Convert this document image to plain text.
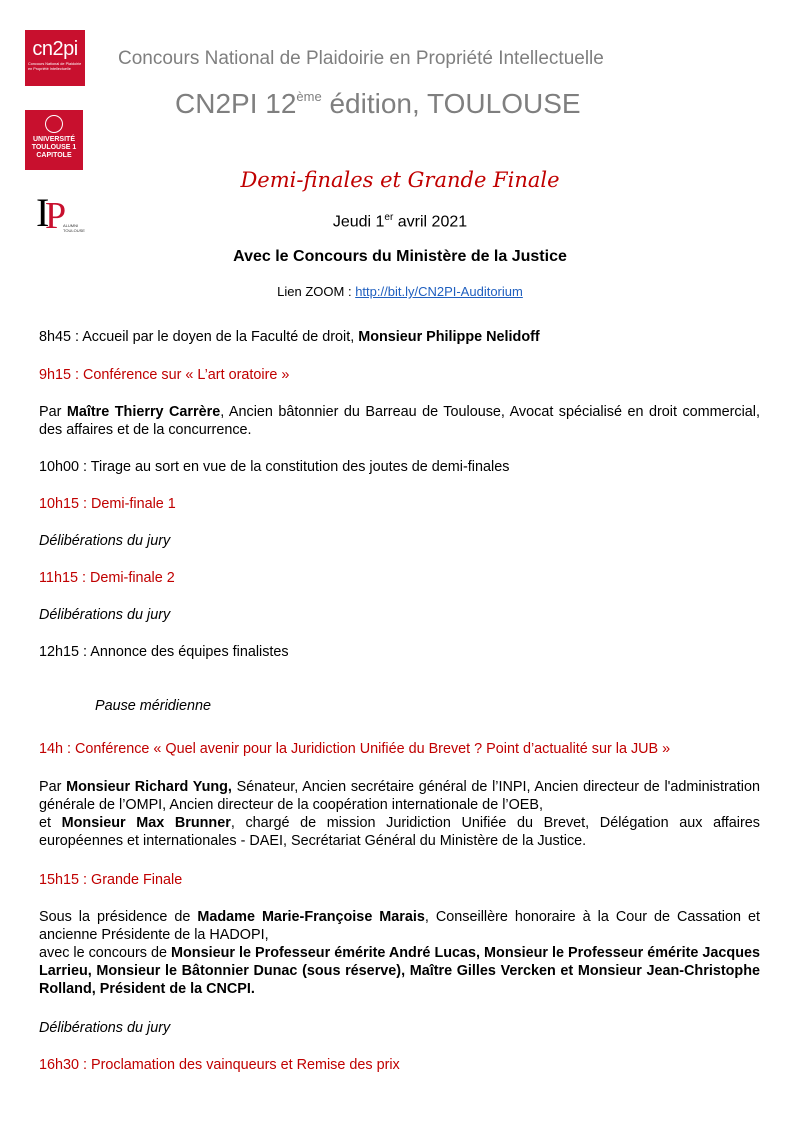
cn2pi
Concours National de Plaidoirie en Propriété Intellectuelle
UNIVERSITÉ
TOULOUSE 1
CAPITOLE
I
P
ALUMNI TOULOUSE
Concours National de Plaidoirie en Propriété Intellectuelle
CN2PI 12ème édition, TOULOUSE
Demi-finales et Grande Finale
Jeudi 1er avril 2021
Avec le Concours du Ministère de la Justice
Lien ZOOM : http://bit.ly/CN2PI-Auditorium
8h45 : Accueil par le doyen de la Faculté de droit, Monsieur Philippe Nelidoff
9h15 : Conférence sur « L’art oratoire »
Par Maître Thierry Carrère, Ancien bâtonnier du Barreau de Toulouse, Avocat spécialisé en droit commercial, des affaires et de la concurrence.
10h00 : Tirage au sort en vue de la constitution des joutes de demi-finales
10h15 : Demi-finale 1
Délibérations du jury
11h15 : Demi-finale 2
Délibérations du jury
12h15 : Annonce des équipes finalistes
Pause méridienne
14h : Conférence « Quel avenir pour la Juridiction Unifiée du Brevet ? Point d’actualité sur la JUB »
Par Monsieur Richard Yung, Sénateur, Ancien secrétaire général de l’INPI, Ancien directeur de l'administration générale de l’OMPI, Ancien directeur de la coopération internationale de l’OEB,
et Monsieur Max Brunner, chargé de mission Juridiction Unifiée du Brevet, Délégation aux affaires européennes et internationales - DAEI, Secrétariat Général du Ministère de la Justice.
15h15 : Grande Finale
Sous la présidence de Madame Marie-Françoise Marais, Conseillère honoraire à la Cour de Cassation et ancienne Présidente de la HADOPI,
avec le concours de Monsieur le Professeur émérite André Lucas, Monsieur le Professeur émérite Jacques Larrieu, Monsieur le Bâtonnier Dunac (sous réserve), Maître Gilles Vercken et Monsieur Jean-Christophe Rolland, Président de la CNCPI.
Délibérations du jury
16h30 : Proclamation des vainqueurs et Remise des prix
